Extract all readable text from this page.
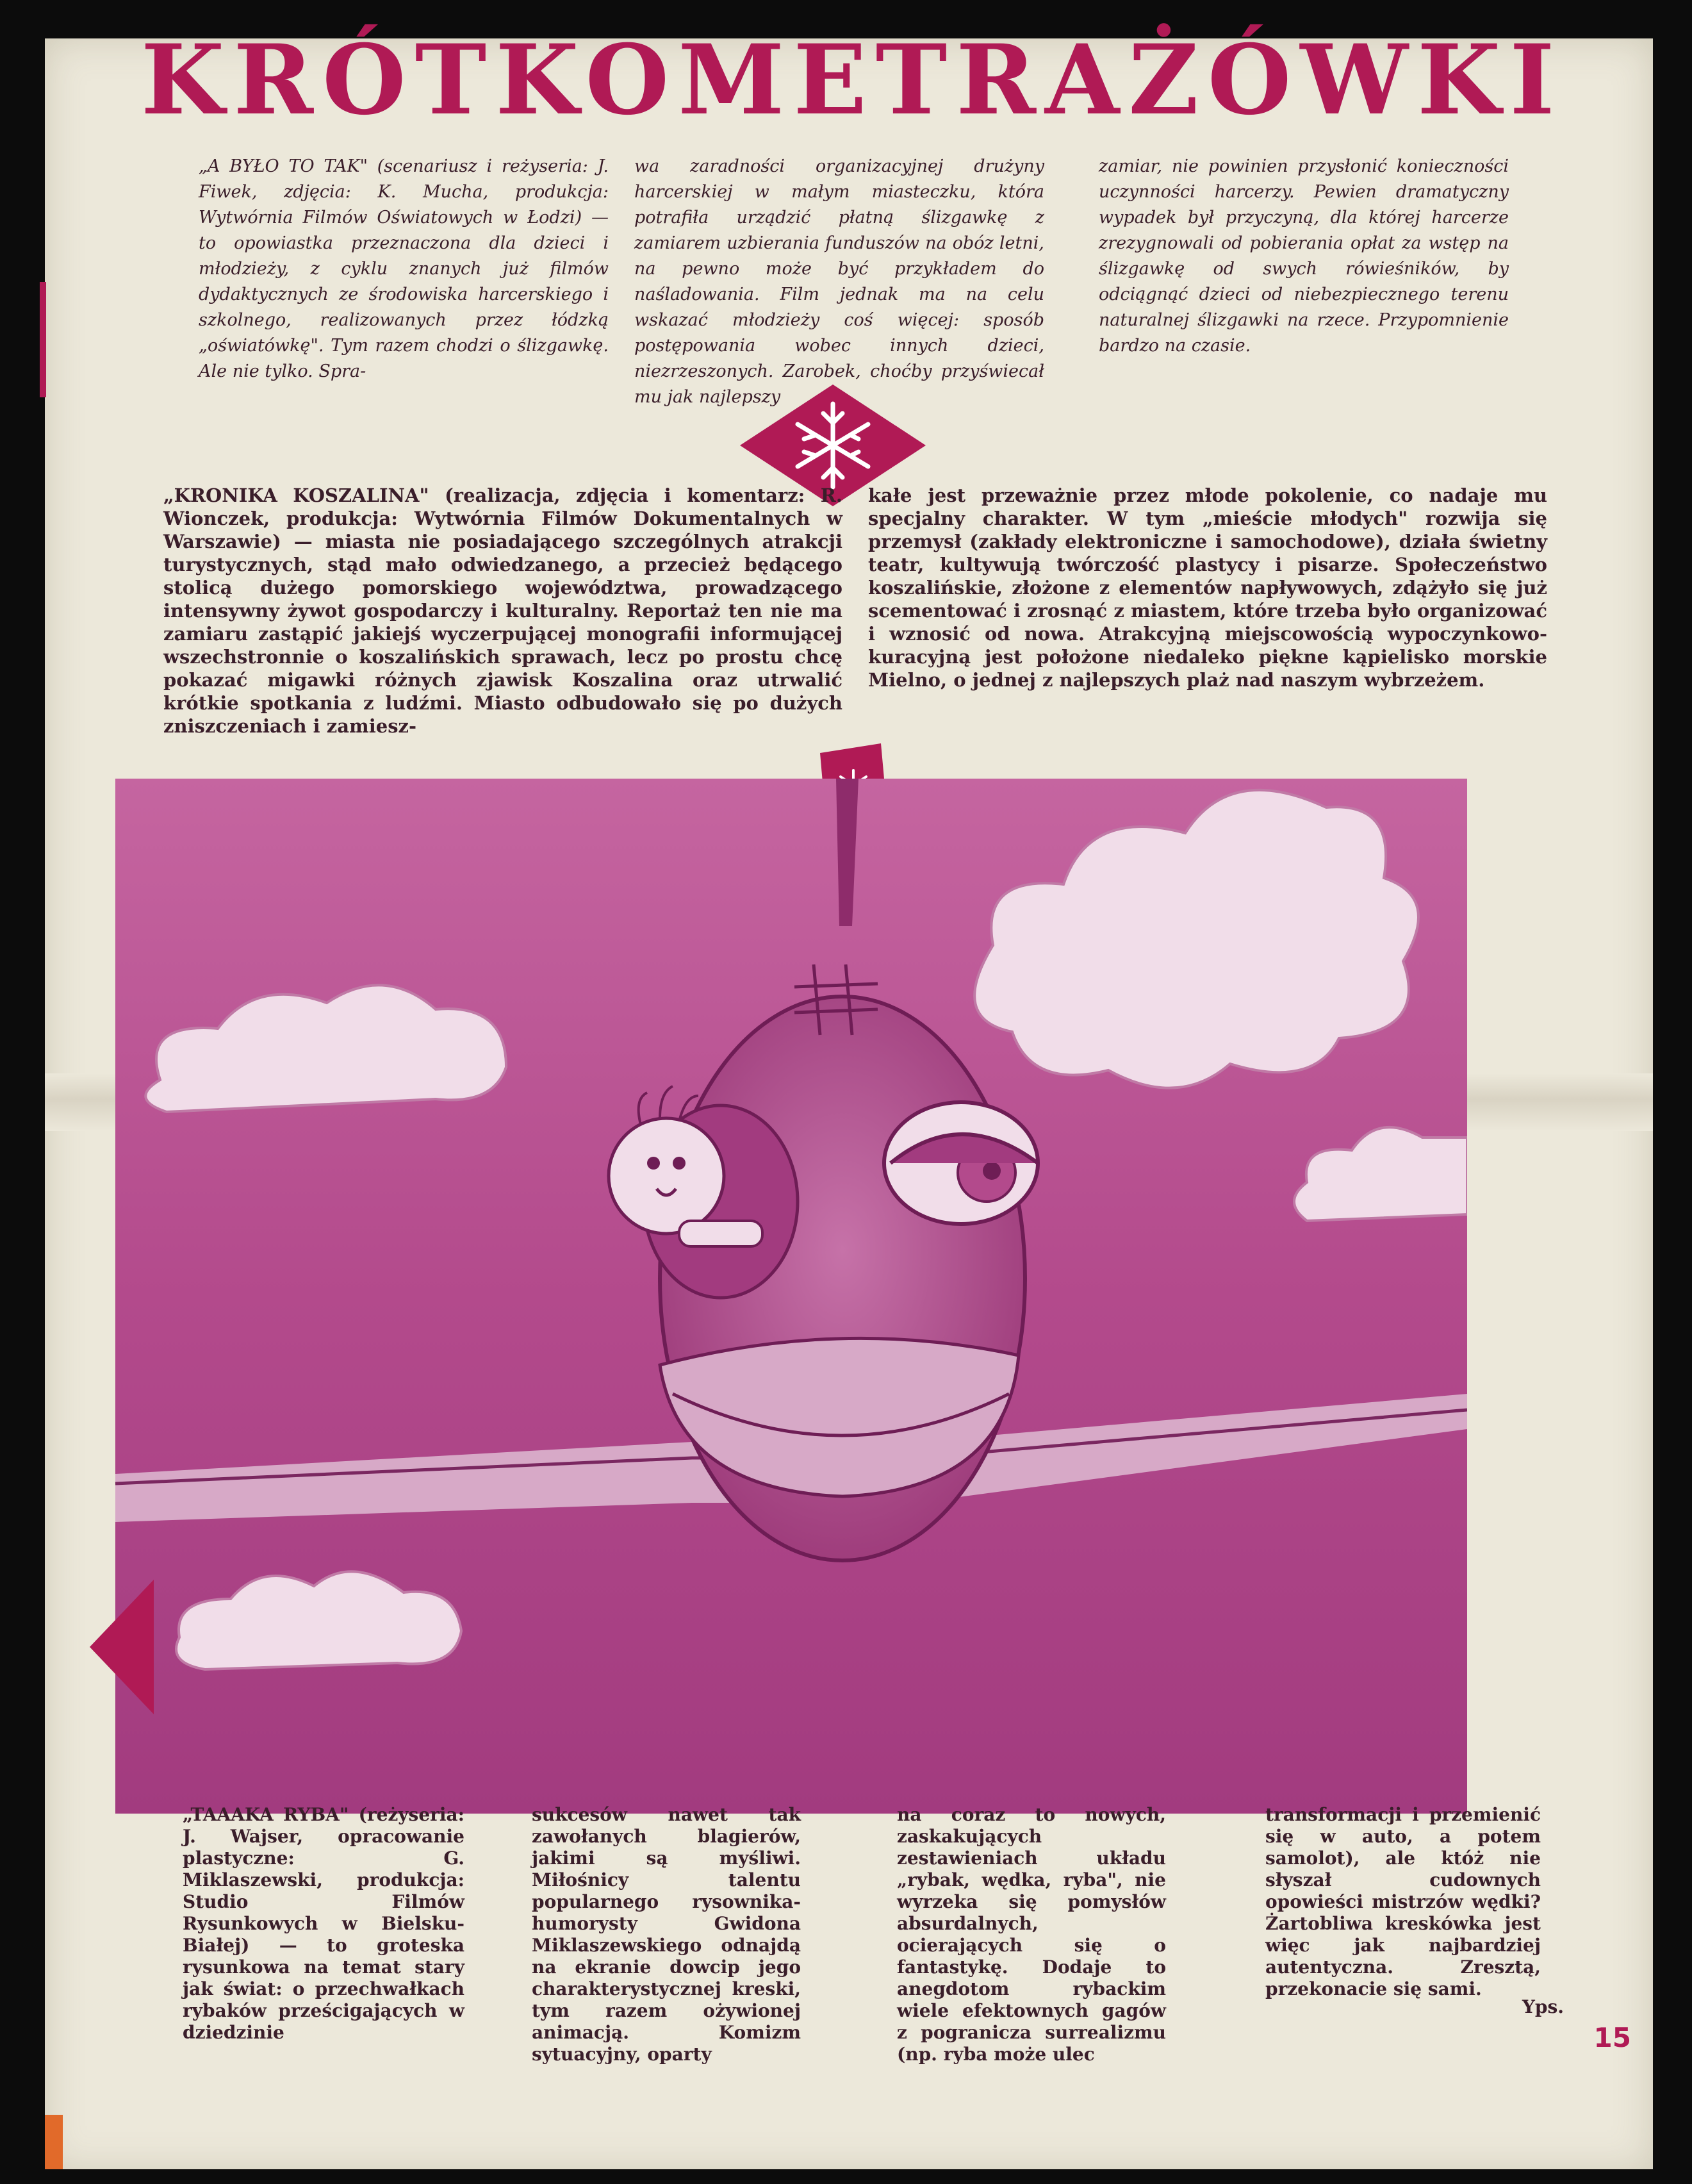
KRÓTKOMETRAŻÓWKI
„A BYŁO TO TAK" (scenariusz i reżyseria: J. Fiwek, zdjęcia: K. Mucha, produkcja: Wytwórnia Filmów Oświatowych w Łodzi) — to opowiastka przeznaczona dla dzieci i młodzieży, z cyklu znanych już filmów dydaktycznych ze środowiska harcerskiego i szkolnego, realizowanych przez łódzką „oświatówkę". Tym razem chodzi o ślizgawkę. Ale nie tylko. Spra-
wa zaradności organizacyjnej drużyny harcerskiej w małym miasteczku, która potrafiła urządzić płatną ślizgawkę z zamiarem uzbierania funduszów na obóz letni, na pewno może być przykładem do naśladowania. Film jednak ma na celu wskazać młodzieży coś więcej: sposób postępowania wobec innych dzieci, niezrzeszonych. Zarobek, choćby przyświecał mu jak najlepszy
zamiar, nie powinien przysłonić konieczności uczynności harcerzy. Pewien dramatyczny wypadek był przyczyną, dla której harcerze zrezygnowali od pobierania opłat za wstęp na ślizgawkę od swych rówieśników, by odciągnąć dzieci od niebezpiecznego terenu naturalnej ślizgawki na rzece. Przypomnienie bardzo na czasie.
„KRONIKA KOSZALINA" (realizacja, zdjęcia i komentarz: R. Wionczek, produkcja: Wytwórnia Filmów Dokumentalnych w Warszawie) — miasta nie posiadającego szczególnych atrakcji turystycznych, stąd mało odwiedzanego, a przecież będącego stolicą dużego pomorskiego województwa, prowadzącego intensywny żywot gospodarczy i kulturalny. Reportaż ten nie ma zamiaru zastąpić jakiejś wyczerpującej monografii informującej wszechstronnie o koszalińskich sprawach, lecz po prostu chcę pokazać migawki różnych zjawisk Koszalina oraz utrwalić krótkie spotkania z ludźmi. Miasto odbudowało się po dużych zniszczeniach i zamiesz-
kałe jest przeważnie przez młode pokolenie, co nadaje mu specjalny charakter. W tym „mieście młodych" rozwija się przemysł (zakłady elektroniczne i samochodowe), działa świetny teatr, kultywują twórczość plastycy i pisarze. Społeczeństwo koszalińskie, złożone z elementów napływowych, zdążyło się już scementować i zrosnąć z miastem, które trzeba było organizować i wznosić od nowa. Atrakcyjną miejscowością wypoczynkowo-kuracyjną jest położone niedaleko piękne kąpielisko morskie Mielno, o jednej z najlepszych plaż nad naszym wybrzeżem.
„TAAAKA RYBA" (reżyseria: J. Wajser, opracowanie plastyczne: G. Miklaszewski, produkcja: Studio Filmów Rysunkowych w Bielsku-Białej) — to groteska rysunkowa na temat stary jak świat: o przechwałkach rybaków prześcigających w dziedzinie
sukcesów nawet tak zawołanych blagierów, jakimi są myśliwi. Miłośnicy talentu popularnego rysownika-humorysty Gwidona Miklaszewskiego odnajdą na ekranie dowcip jego charakterystycznej kreski, tym razem ożywionej animacją. Komizm sytuacyjny, oparty
na coraz to nowych, zaskakujących zestawieniach układu „rybak, wędka, ryba", nie wyrzeka się pomysłów absurdalnych, ocierających się o fantastykę. Dodaje to anegdotom rybackim wiele efektownych gagów z pogranicza surrealizmu (np. ryba może ulec
transformacji i przemienić się w auto, a potem samolot), ale któż nie słyszał cudownych opowieści mistrzów wędki? Żartobliwa kreskówka jest więc jak najbardziej autentyczna. Zresztą, przekonacie się sami.
Yps.
15
